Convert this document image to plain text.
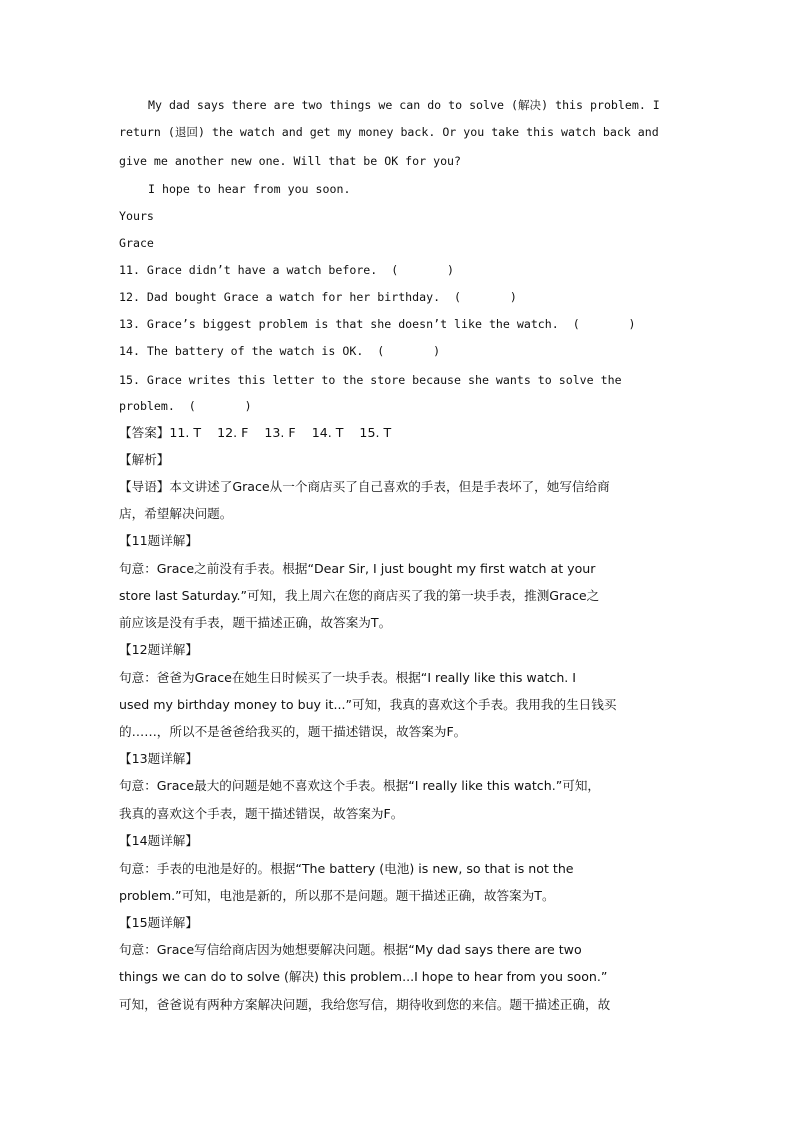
My dad says there are two things we can do to solve (解决) this problem. I
return (退回) the watch and get my money back. Or you take this watch back and
give me another new one. Will that be OK for you?
I hope to hear from you soon.
Yours
Grace
11. Grace didn’t have a watch before.  (       )
12. Dad bought Grace a watch for her birthday.  (       )
13. Grace’s biggest problem is that she doesn’t like the watch.  (       )
14. The battery of the watch is OK.  (       )
15. Grace writes this letter to the store because she wants to solve the
problem.  (       )
【答案】11. T    12. F    13. F    14. T    15. T
【解析】
【导语】本文讲述了Grace从一个商店买了自己喜欢的手表，但是手表坏了，她写信给商
店，希望解决问题。
【11题详解】
句意：Grace之前没有手表。根据“Dear Sir, I just bought my first watch at your
store last Saturday.”可知，我上周六在您的商店买了我的第一块手表，推测Grace之
前应该是没有手表，题干描述正确，故答案为T。
【12题详解】
句意：爸爸为Grace在她生日时候买了一块手表。根据“I really like this watch. I
used my birthday money to buy it...”可知，我真的喜欢这个手表。我用我的生日钱买
的……，所以不是爸爸给我买的，题干描述错误，故答案为F。
【13题详解】
句意：Grace最大的问题是她不喜欢这个手表。根据“I really like this watch.”可知，
我真的喜欢这个手表，题干描述错误，故答案为F。
【14题详解】
句意：手表的电池是好的。根据“The battery (电池) is new, so that is not the
problem.”可知，电池是新的，所以那不是问题。题干描述正确，故答案为T。
【15题详解】
句意：Grace写信给商店因为她想要解决问题。根据“My dad says there are two
things we can do to solve (解决) this problem...I hope to hear from you soon.”
可知，爸爸说有两种方案解决问题，我给您写信，期待收到您的来信。题干描述正确，故
